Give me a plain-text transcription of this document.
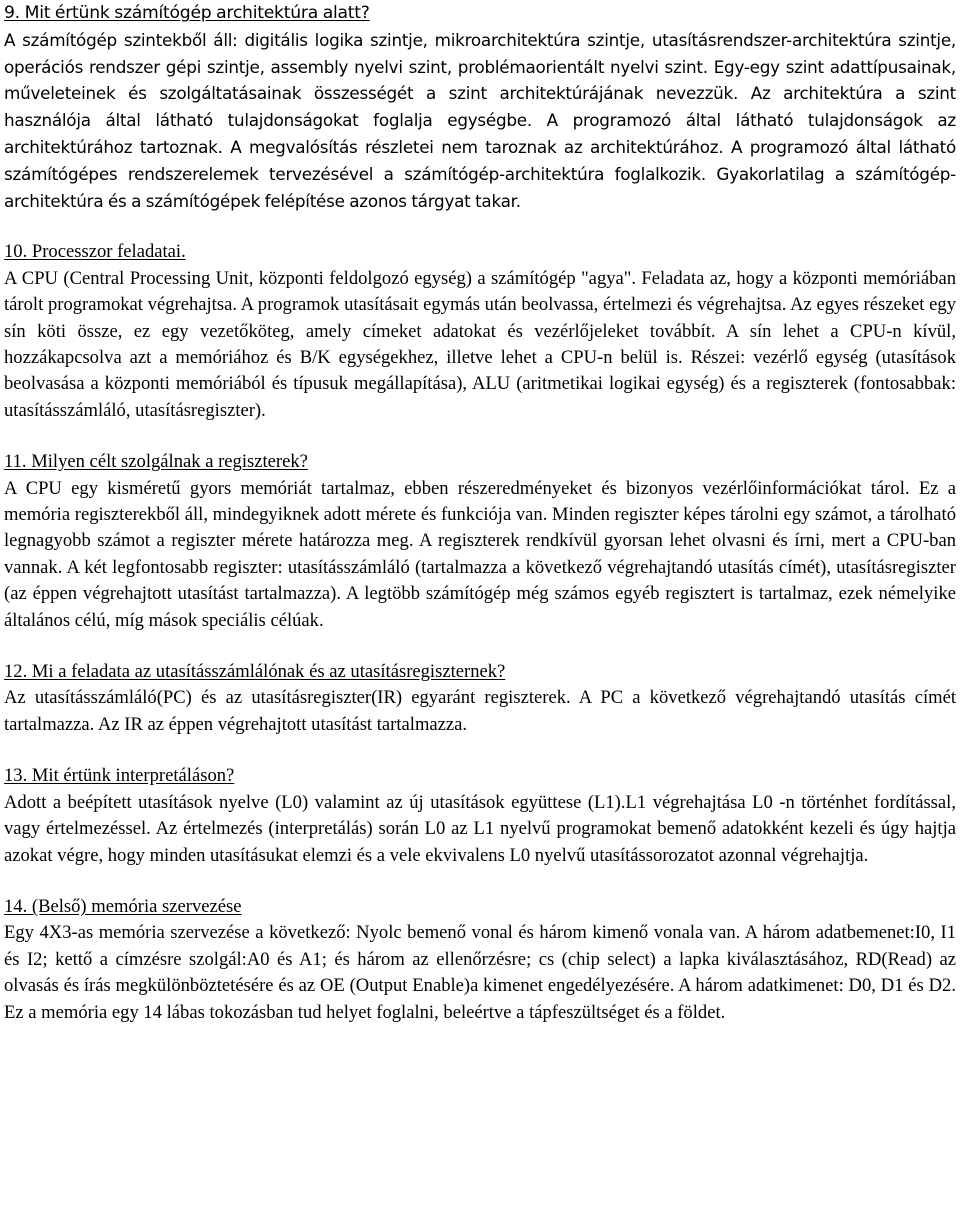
9. Mit értünk számítógép architektúra alatt?

A számítógép szintekből áll: digitális logika szintje, mikroarchitektúra szintje, utasításrendszer-architektúra szintje, operációs rendszer gépi szintje, assembly nyelvi szint, problémaorientált nyelvi szint. Egy-egy szint adattípusainak, műveleteinek és szolgáltatásainak összességét a szint architektúrájának nevezzük. Az architektúra a szint használója által látható tulajdonságokat foglalja egységbe. A programozó által látható tulajdonságok az architektúrához tartoznak. A megvalósítás részletei nem taroznak az architektúrához. A programozó által látható számítógépes rendszerelemek tervezésével a számítógép-architektúra foglalkozik. Gyakorlatilag a számítógép-architektúra és a számítógépek felépítése azonos tárgyat takar.

10. Processzor feladatai.

A CPU (Central Processing Unit, központi feldolgozó egység) a számítógép "agya". Feladata az, hogy a központi memóriában tárolt programokat végrehajtsa. A programok utasításait egymás után beolvassa, értelmezi és végrehajtsa. Az egyes részeket egy sín köti össze, ez egy vezetőköteg, amely címeket adatokat és vezérlőjeleket továbbít. A sín lehet a CPU-n kívül, hozzákapcsolva azt a memóriához és B/K egységekhez, illetve lehet a CPU-n belül is. Részei: vezérlő egység (utasítások beolvasása a központi memóriából és típusuk megállapítása), ALU (aritmetikai logikai egység) és a regiszterek (fontosabbak: utasításszámláló, utasításregiszter).

11. Milyen célt szolgálnak a regiszterek?

A CPU egy kisméretű gyors memóriát tartalmaz, ebben részeredményeket és bizonyos vezérlőinformációkat tárol. Ez a memória regiszterekből áll, mindegyiknek adott mérete és funkciója van. Minden regiszter képes tárolni egy számot, a tárolható legnagyobb számot a regiszter mérete határozza meg. A regiszterek rendkívül gyorsan lehet olvasni és írni, mert a CPU-ban vannak. A két legfontosabb regiszter: utasításszámláló (tartalmazza a következő végrehajtandó utasítás címét), utasításregiszter (az éppen végrehajtott utasítást tartalmazza). A legtöbb számítógép még számos egyéb regisztert is tartalmaz, ezek némelyike általános célú, míg mások speciális célúak.

12. Mi a feladata az utasításszámlálónak és az utasításregiszternek?

Az utasításszámláló(PC) és az utasításregiszter(IR) egyaránt regiszterek. A PC a következő végrehajtandó utasítás címét tartalmazza. Az IR az éppen végrehajtott utasítást tartalmazza.

13. Mit értünk interpretáláson?

Adott a beépített utasítások nyelve (L0) valamint az új utasítások együttese (L1).L1 végrehajtása L0 -n történhet fordítással, vagy értelmezéssel. Az értelmezés (interpretálás) során L0 az L1 nyelvű programokat bemenő adatokként kezeli és úgy hajtja azokat végre, hogy minden utasításukat elemzi és a vele ekvivalens L0 nyelvű utasítássorozatot azonnal végrehajtja.

14. (Belső) memória szervezése

Egy 4X3-as memória szervezése a következő: Nyolc bemenő vonal és három kimenő vonala van. A három adatbemenet:I0, I1 és I2; kettő a címzésre szolgál:A0 és A1; és három az ellenőrzésre; cs (chip select) a lapka kiválasztásához, RD(Read) az olvasás és írás megkülönböztetésére és az OE (Output Enable)a kimenet engedélyezésére. A három adatkimenet: D0, D1 és D2. Ez a memória egy 14 lábas tokozásban tud helyet foglalni, beleértve a tápfeszültséget és a földet.
